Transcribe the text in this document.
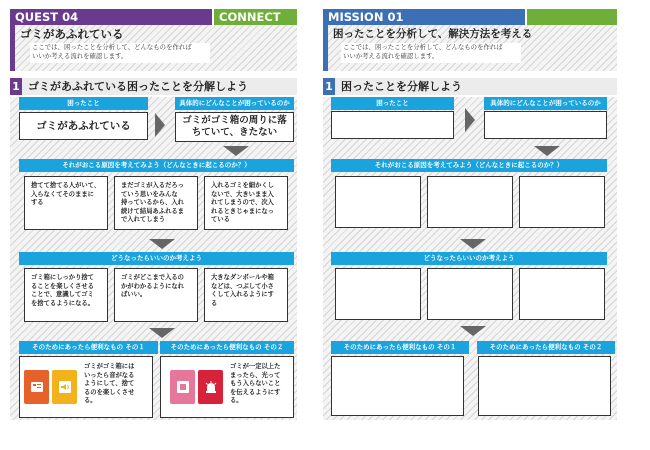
QUEST 04	CONNECT
ゴミがあふれている
ここでは、困ったことを分析して、どんなものを作れば
いいか考える流れを確認します。
1 ゴミがあふれている困ったことを分解しよう
困ったこと
ゴミがあふれている
具体的にどんなことが困っているのか
ゴミがゴミ箱の周りに落
ちていて、きたない
それがおこる原因を考えてみよう（どんなときに起こるのか？）
捨てて捨てる人がいて、
入らなくてそのままに
する
まだゴミが入るだろっ
ていう思いをみんな
持っているから、入れ
続けて結局あふれるま
で入れてしまう
入れるゴミを細かくし
ないで、大きいまま入
れてしまうので、次入
れるときじゃまになっ
ている
どうなったらいいのか考えよう
ゴミ箱にしっかり捨て
ることを楽しくさせる
ことで、意識してゴミ
を捨てるようになる。
ゴミがどこまで入るの
かがわかるようになれ
ばいい。
大きなダンボールや箱
などは、つぶして小さ
くして入れるようにす
る
そのためにあったら便利なもの その１
ゴミがゴミ箱には
いったら音がなる
ようにして、捨て
るのを楽しくさせ
る。
そのためにあったら便利なもの その２
ゴミが一定以上た
まったら、光って
もう入らないこと
を伝えるようにす
る。
MISSION 01
困ったことを分析して、解決方法を考える
ここでは、困ったことを分析して、どんなものを作れば
いいか考える流れを確認します。
1 困ったことを分解しよう
困ったこと	具体的にどんなことが困っているのか
それがおこる原因を考えてみよう（どんなときに起こるのか？）
どうなったらいいのか考えよう
そのためにあったら便利なもの その１	そのためにあったら便利なもの その２
